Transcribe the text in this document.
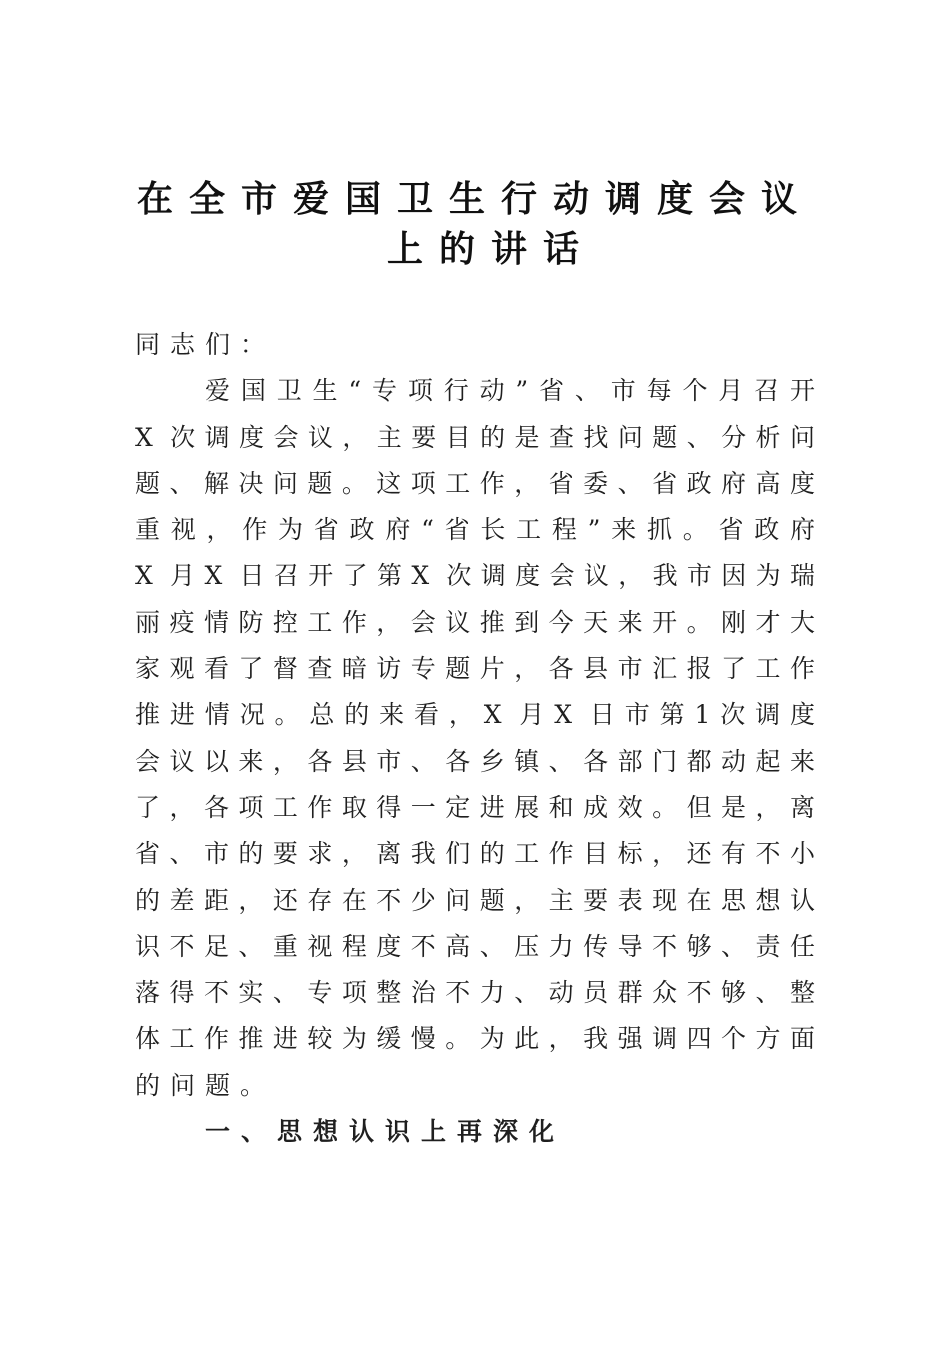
在全市爱国卫生行动调度会议
上的讲话
同志们：
爱国卫生“专项行动”省、市每个月召开
X 次调度会议，主要目的是查找问题、分析问
题、解决问题。这项工作，省委、省政府高度
重视，作为省政府“省长工程”来抓。省政府
X 月X 日召开了第X 次调度会议，我市因为瑞
丽疫情防控工作，会议推到今天来开。刚才大
家观看了督查暗访专题片，各县市汇报了工作
推进情况。总的来看，X 月X 日市第1次调度
会议以来，各县市、各乡镇、各部门都动起来
了，各项工作取得一定进展和成效。但是，离
省、市的要求，离我们的工作目标，还有不小
的差距，还存在不少问题，主要表现在思想认
识不足、重视程度不高、压力传导不够、责任
落得不实、专项整治不力、动员群众不够、整
体工作推进较为缓慢。为此，我强调四个方面
的问题。
一、思想认识上再深化
